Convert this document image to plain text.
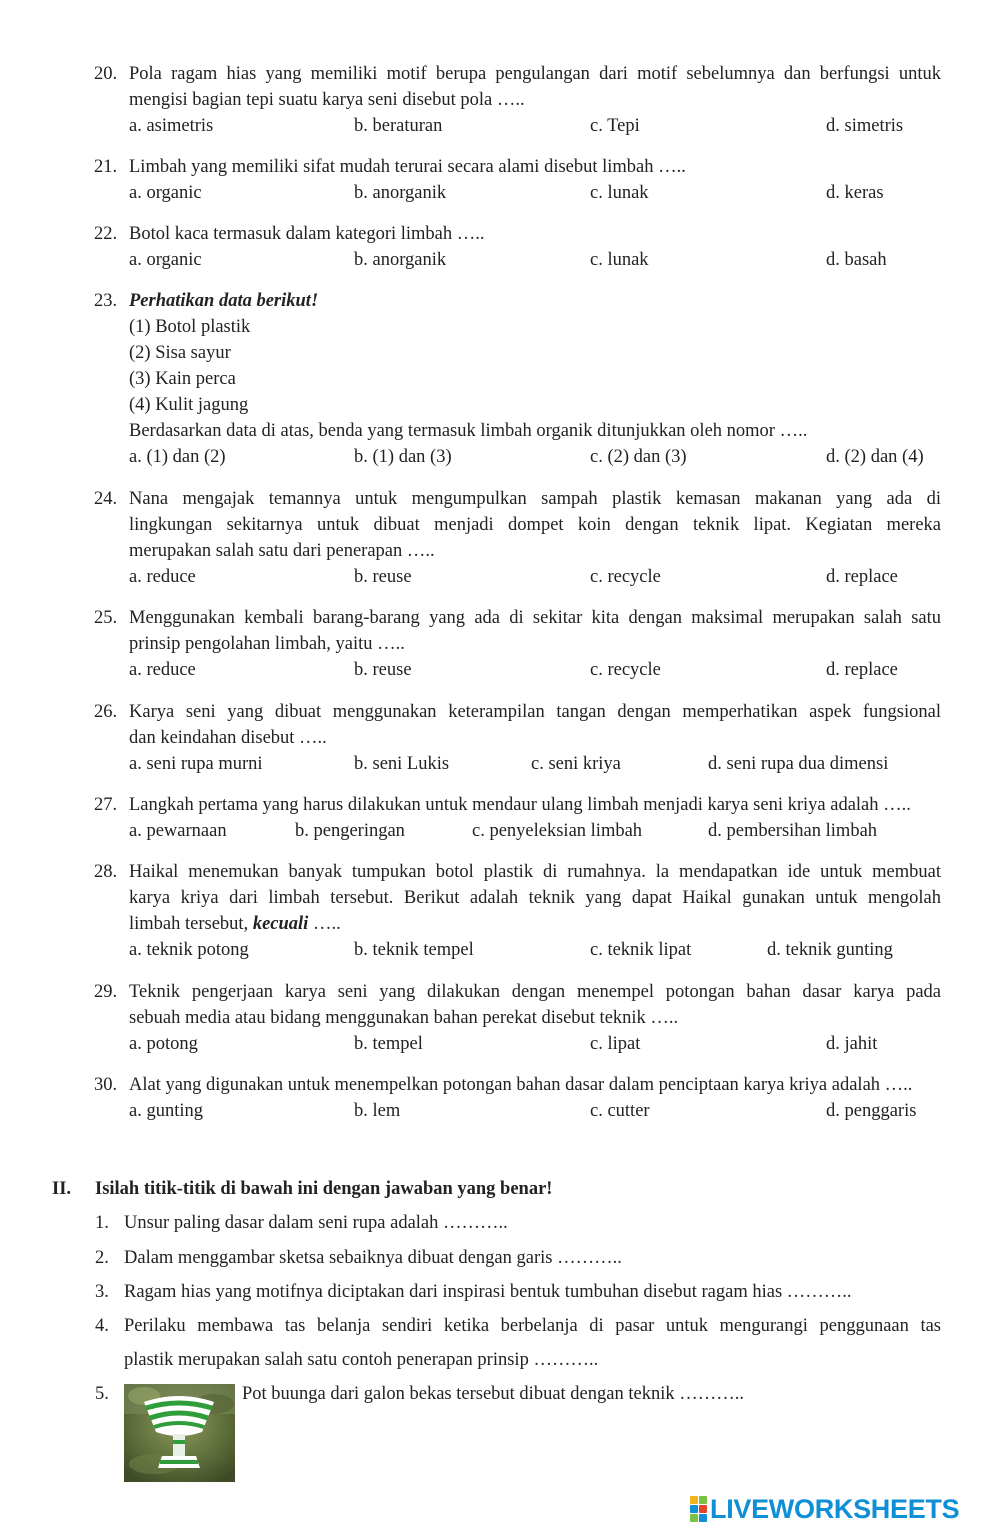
20. Pola ragam hias yang memiliki motif berupa pengulangan dari motif sebelumnya dan berfungsi untuk
mengisi bagian tepi suatu karya seni disebut pola …..
a. asimetris	b. beraturan	c. Tepi	d. simetris
21. Limbah yang memiliki sifat mudah terurai secara alami disebut limbah …..
a. organic	b. anorganik	c. lunak	d. keras
22. Botol kaca termasuk dalam kategori limbah …..
a. organic	b. anorganik	c. lunak	d. basah
23. Perhatikan data berikut!
(1) Botol plastik
(2) Sisa sayur
(3) Kain perca
(4) Kulit jagung
Berdasarkan data di atas, benda yang termasuk limbah organik ditunjukkan oleh nomor …..
a. (1) dan (2)	b. (1) dan (3)	c. (2) dan (3)	d. (2) dan (4)
24. Nana mengajak temannya untuk mengumpulkan sampah plastik kemasan makanan yang ada di
lingkungan sekitarnya untuk dibuat menjadi dompet koin dengan teknik lipat. Kegiatan mereka
merupakan salah satu dari penerapan …..
a. reduce	b. reuse	c. recycle	d. replace
25. Menggunakan kembali barang-barang yang ada di sekitar kita dengan maksimal merupakan salah satu
prinsip pengolahan limbah, yaitu …..
a. reduce	b. reuse	c. recycle	d. replace
26. Karya seni yang dibuat menggunakan keterampilan tangan dengan memperhatikan aspek fungsional
dan keindahan disebut …..
a. seni rupa murni	b. seni Lukis	c. seni kriya	d. seni rupa dua dimensi
27. Langkah pertama yang harus dilakukan untuk mendaur ulang limbah menjadi karya seni kriya adalah …..
a. pewarnaan	b. pengeringan	c. penyeleksian limbah	d. pembersihan limbah
28. Haikal menemukan banyak tumpukan botol plastik di rumahnya. la mendapatkan ide untuk membuat
karya kriya dari limbah tersebut. Berikut adalah teknik yang dapat Haikal gunakan untuk mengolah
limbah tersebut, kecuali …..
a. teknik potong	b. teknik tempel	c. teknik lipat	d. teknik gunting
29. Teknik pengerjaan karya seni yang dilakukan dengan menempel potongan bahan dasar karya pada
sebuah media atau bidang menggunakan bahan perekat disebut teknik …..
a. potong	b. tempel	c. lipat	d. jahit
30. Alat yang digunakan untuk menempelkan potongan bahan dasar dalam penciptaan karya kriya adalah …..
a. gunting	b. lem	c. cutter	d. penggaris
II. Isilah titik-titik di bawah ini dengan jawaban yang benar!
1. Unsur paling dasar dalam seni rupa adalah ………..
2. Dalam menggambar sketsa sebaiknya dibuat dengan garis ………..
3. Ragam hias yang motifnya diciptakan dari inspirasi bentuk tumbuhan disebut ragam hias ………..
4. Perilaku membawa tas belanja sendiri ketika berbelanja di pasar untuk mengurangi penggunaan tas
plastik merupakan salah satu contoh penerapan prinsip ………..
5.	Pot buunga dari galon bekas tersebut dibuat dengan teknik ………..
LIVEWORKSHEETS
